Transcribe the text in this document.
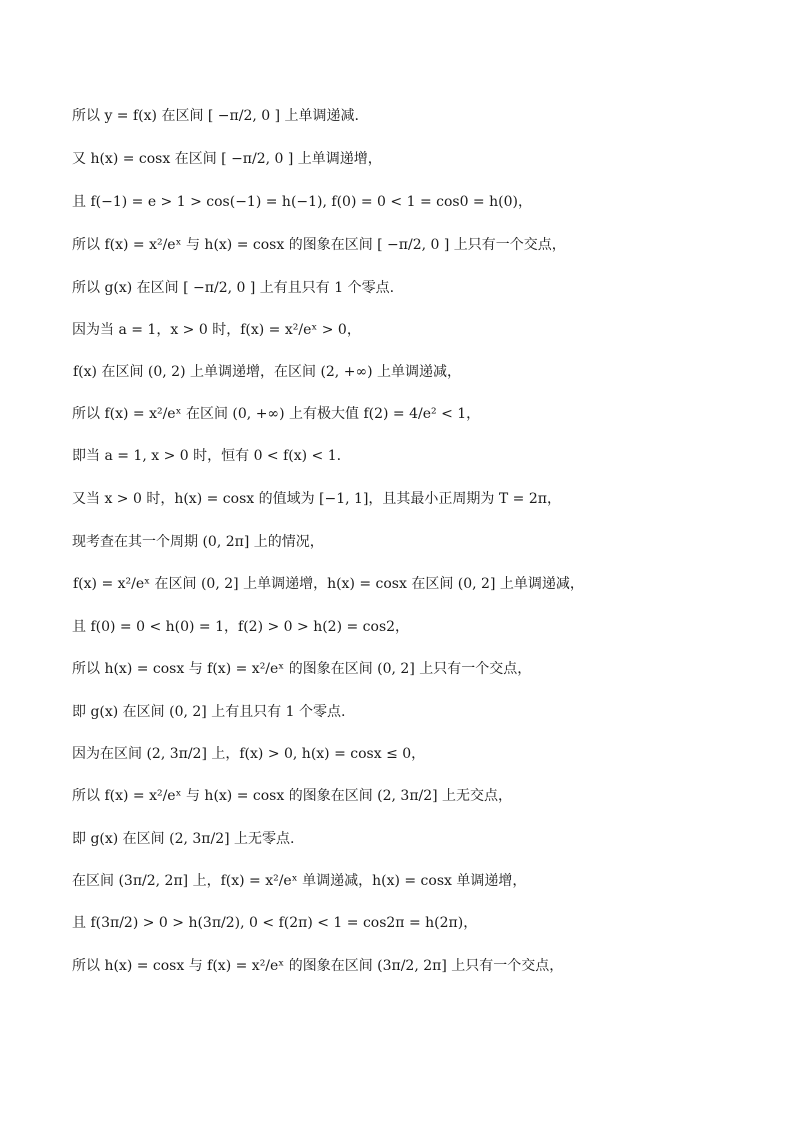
所以 y = f(x) 在区间 [ −π/2, 0 ] 上单调递减.
又 h(x) = cosx 在区间 [ −π/2, 0 ] 上单调递增，
且 f(−1) = e > 1 > cos(−1) = h(−1), f(0) = 0 < 1 = cos0 = h(0)，
所以 f(x) = x²/eˣ 与 h(x) = cosx 的图象在区间 [ −π/2, 0 ] 上只有一个交点，
所以 g(x) 在区间 [ −π/2, 0 ] 上有且只有 1 个零点.
因为当 a = 1，x > 0 时，f(x) = x²/eˣ > 0，
f(x) 在区间 (0, 2) 上单调递增，在区间 (2, +∞) 上单调递减，
所以 f(x) = x²/eˣ 在区间 (0, +∞) 上有极大值 f(2) = 4/e² < 1，
即当 a = 1, x > 0 时，恒有 0 < f(x) < 1.
又当 x > 0 时，h(x) = cosx 的值域为 [−1, 1]，且其最小正周期为 T = 2π，
现考查在其一个周期 (0, 2π] 上的情况，
f(x) = x²/eˣ 在区间 (0, 2] 上单调递增，h(x) = cosx 在区间 (0, 2] 上单调递减，
且 f(0) = 0 < h(0) = 1，f(2) > 0 > h(2) = cos2，
所以 h(x) = cosx 与 f(x) = x²/eˣ 的图象在区间 (0, 2] 上只有一个交点，
即 g(x) 在区间 (0, 2] 上有且只有 1 个零点.
因为在区间 (2, 3π/2] 上，f(x) > 0, h(x) = cosx ≤ 0，
所以 f(x) = x²/eˣ 与 h(x) = cosx 的图象在区间 (2, 3π/2] 上无交点，
即 g(x) 在区间 (2, 3π/2] 上无零点.
在区间 (3π/2, 2π] 上，f(x) = x²/eˣ 单调递减，h(x) = cosx 单调递增，
且 f(3π/2) > 0 > h(3π/2), 0 < f(2π) < 1 = cos2π = h(2π)，
所以 h(x) = cosx 与 f(x) = x²/eˣ 的图象在区间 (3π/2, 2π] 上只有一个交点，
